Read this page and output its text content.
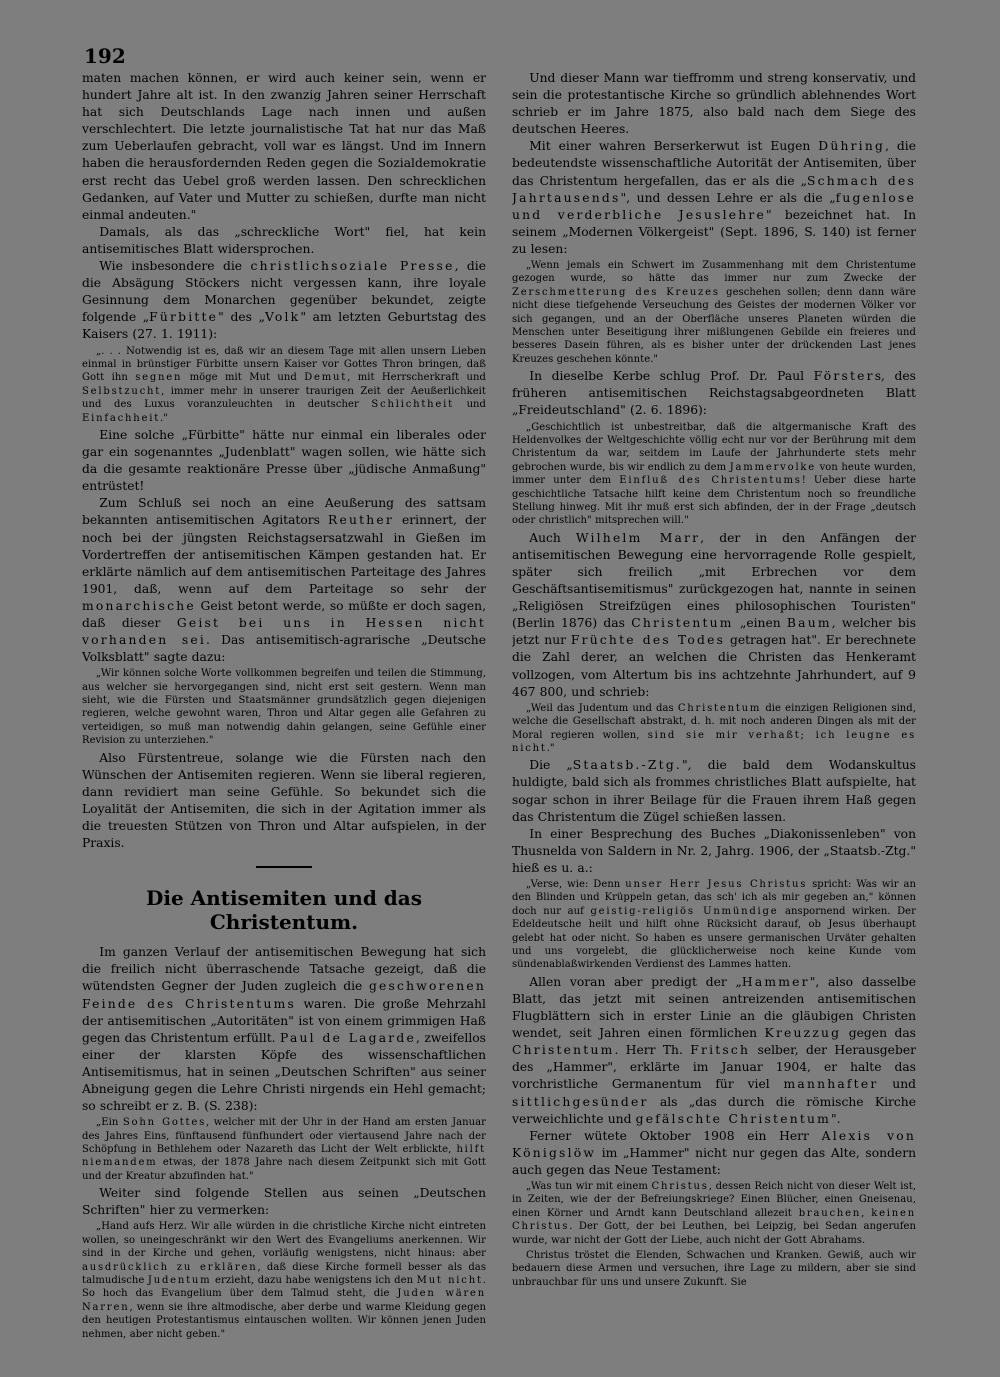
192

maten machen können, er wird auch keiner sein, wenn er hundert Jahre alt ist. In den zwanzig Jahren seiner Herrschaft hat sich Deutschlands Lage nach innen und außen verschlechtert. Die letzte journalistische Tat hat nur das Maß zum Ueberlaufen gebracht, voll war es längst. Und im Innern haben die herausfordernden Reden gegen die Sozialdemokratie erst recht das Uebel groß werden lassen. Den schrecklichen Gedanken, auf Vater und Mutter zu schießen, durfte man nicht einmal andeuten."

Damals, als das „schreckliche Wort" fiel, hat kein antisemitisches Blatt widersprochen.

Wie insbesondere die christlichsoziale Presse, die die Absägung Stöckers nicht vergessen kann, ihre loyale Gesinnung dem Monarchen gegenüber bekundet, zeigte folgende „Fürbitte" des „Volk" am letzten Geburtstag des Kaisers (27. 1. 1911):

„. . . Notwendig ist es, daß wir an diesem Tage mit allen unsern Lieben einmal in brünstiger Fürbitte unsern Kaiser vor Gottes Thron bringen, daß Gott ihn segnen möge mit Mut und Demut, mit Herrscherkraft und Selbstzucht, immer mehr in unserer traurigen Zeit der Aeußerlichkeit und des Luxus voranzuleuchten in deutscher Schlichtheit und Einfachheit."

Eine solche „Fürbitte" hätte nur einmal ein liberales oder gar ein sogenanntes „Judenblatt" wagen sollen, wie hätte sich da die gesamte reaktionäre Presse über „jüdische Anmaßung" entrüstet!

Zum Schluß sei noch an eine Aeußerung des sattsam bekannten antisemitischen Agitators Reuther erinnert, der noch bei der jüngsten Reichstagsersatzwahl in Gießen im Vordertreffen der antisemitischen Kämpen gestanden hat. Er erklärte nämlich auf dem antisemitischen Parteitage des Jahres 1901, daß, wenn auf dem Parteitage so sehr der monarchische Geist betont werde, so müßte er doch sagen, daß dieser Geist bei uns in Hessen nicht vorhanden sei. Das antisemitisch-agrarische „Deutsche Volksblatt" sagte dazu:

„Wir können solche Worte vollkommen begreifen und teilen die Stimmung, aus welcher sie hervorgegangen sind, nicht erst seit gestern. Wenn man sieht, wie die Fürsten und Staatsmänner grundsätzlich gegen diejenigen regieren, welche gewohnt waren, Thron und Altar gegen alle Gefahren zu verteidigen, so muß man notwendig dahin gelangen, seine Gefühle einer Revision zu unterziehen."

Also Fürstentreue, solange wie die Fürsten nach den Wünschen der Antisemiten regieren. Wenn sie liberal regieren, dann revidiert man seine Gefühle. So bekundet sich die Loyalität der Antisemiten, die sich in der Agitation immer als die treuesten Stützen von Thron und Altar aufspielen, in der Praxis.

Die Antisemiten und das Christentum.

Im ganzen Verlauf der antisemitischen Bewegung hat sich die freilich nicht überraschende Tatsache gezeigt, daß die wütendsten Gegner der Juden zugleich die geschworenen Feinde des Christentums waren. Die große Mehrzahl der antisemitischen „Autoritäten" ist von einem grimmigen Haß gegen das Christentum erfüllt. Paul de Lagarde, zweifellos einer der klarsten Köpfe des wissenschaftlichen Antisemitismus, hat in seinen „Deutschen Schriften" aus seiner Abneigung gegen die Lehre Christi nirgends ein Hehl gemacht; so schreibt er z. B. (S. 238):

„Ein Sohn Gottes, welcher mit der Uhr in der Hand am ersten Januar des Jahres Eins, fünftausend fünfhundert oder viertausend Jahre nach der Schöpfung in Bethlehem oder Nazareth das Licht der Welt erblickte, hilft niemandem etwas, der 1878 Jahre nach diesem Zeitpunkt sich mit Gott und der Kreatur abzufinden hat."

Weiter sind folgende Stellen aus seinen „Deutschen Schriften" hier zu vermerken:

„Hand aufs Herz. Wir alle würden in die christliche Kirche nicht eintreten wollen, so uneingeschränkt wir den Wert des Evangeliums anerkennen. Wir sind in der Kirche und gehen, vorläufig wenigstens, nicht hinaus: aber ausdrücklich zu erklären, daß diese Kirche formell besser als das talmudische Judentum erzieht, dazu habe wenigstens ich den Mut nicht. So hoch das Evangelium über dem Talmud steht, die Juden wären Narren, wenn sie ihre altmodische, aber derbe und warme Kleidung gegen den heutigen Protestantismus eintauschen wollten. Wir können jenen Juden nehmen, aber nicht geben."

Und dieser Mann war tieffromm und streng konservativ, und sein die protestantische Kirche so gründlich ablehnendes Wort schrieb er im Jahre 1875, also bald nach dem Siege des deutschen Heeres.

Mit einer wahren Berserkerwut ist Eugen Dühring, die bedeutendste wissenschaftliche Autorität der Antisemiten, über das Christentum hergefallen, das er als die „Schmach des Jahrtausends", und dessen Lehre er als die „fugenlose und verderbliche Jesuslehre" bezeichnet hat. In seinem „Modernen Völkergeist" (Sept. 1896, S. 140) ist ferner zu lesen:

„Wenn jemals ein Schwert im Zusammenhang mit dem Christentume gezogen wurde, so hätte das immer nur zum Zwecke der Zerschmetterung des Kreuzes geschehen sollen; denn dann wäre nicht diese tiefgehende Verseuchung des Geistes der modernen Völker vor sich gegangen, und an der Oberfläche unseres Planeten würden die Menschen unter Beseitigung ihrer mißlungenen Gebilde ein freieres und besseres Dasein führen, als es bisher unter der drückenden Last jenes Kreuzes geschehen könnte."

In dieselbe Kerbe schlug Prof. Dr. Paul Försters, des früheren antisemitischen Reichstagsabgeordneten Blatt „Freideutschland" (2. 6. 1896):

„Geschichtlich ist unbestreitbar, daß die altgermanische Kraft des Heldenvolkes der Weltgeschichte völlig echt nur vor der Berührung mit dem Christentum da war, seitdem im Laufe der Jahrhunderte stets mehr gebrochen wurde, bis wir endlich zu dem Jammervolke von heute wurden, immer unter dem Einfluß des Christentums! Ueber diese harte geschichtliche Tatsache hilft keine dem Christentum noch so freundliche Stellung hinweg. Mit ihr muß erst sich abfinden, der in der Frage „deutsch oder christlich" mitsprechen will."

Auch Wilhelm Marr, der in den Anfängen der antisemitischen Bewegung eine hervorragende Rolle gespielt, später sich freilich „mit Erbrechen vor dem Geschäftsantisemitismus" zurückgezogen hat, nannte in seinen „Religiösen Streifzügen eines philosophischen Touristen" (Berlin 1876) das Christentum „einen Baum, welcher bis jetzt nur Früchte des Todes getragen hat". Er berechnete die Zahl derer, an welchen die Christen das Henkeramt vollzogen, vom Altertum bis ins achtzehnte Jahrhundert, auf 9 467 800, und schrieb:

„Weil das Judentum und das Christentum die einzigen Religionen sind, welche die Gesellschaft abstrakt, d. h. mit noch anderen Dingen als mit der Moral regieren wollen, sind sie mir verhaßt; ich leugne es nicht."

Die „Staatsb.-Ztg.", die bald dem Wodanskultus huldigte, bald sich als frommes christliches Blatt aufspielte, hat sogar schon in ihrer Beilage für die Frauen ihrem Haß gegen das Christentum die Zügel schießen lassen.

In einer Besprechung des Buches „Diakonissenleben" von Thusnelda von Saldern in Nr. 2, Jahrg. 1906, der „Staatsb.-Ztg." hieß es u. a.:

„Verse, wie: Denn unser Herr Jesus Christus spricht: Was wir an den Blinden und Krüppeln getan, das sch' ich als mir gegeben an," können doch nur auf geistig-religiös Unmündige anspornend wirken. Der Edeldeutsche heilt und hilft ohne Rücksicht darauf, ob Jesus überhaupt gelebt hat oder nicht. So haben es unsere germanischen Urväter gehalten und uns vorgelebt, die glücklicherweise noch keine Kunde vom sündenablaßwirkenden Verdienst des Lammes hatten.

Allen voran aber predigt der „Hammer", also dasselbe Blatt, das jetzt mit seinen antreizenden antisemitischen Flugblättern sich in erster Linie an die gläubigen Christen wendet, seit Jahren einen förmlichen Kreuzzug gegen das Christentum. Herr Th. Fritsch selber, der Herausgeber des „Hammer", erklärte im Januar 1904, er halte das vorchristliche Germanentum für viel mannhafter und sittlichgesünder als „das durch die römische Kirche verweichlichte und gefälschte Christentum".

Ferner wütete Oktober 1908 ein Herr Alexis von Königslöw im „Hammer" nicht nur gegen das Alte, sondern auch gegen das Neue Testament:

„Was tun wir mit einem Christus, dessen Reich nicht von dieser Welt ist, in Zeiten, wie der der Befreiungskriege? Einen Blücher, einen Gneisenau, einen Körner und Arndt kann Deutschland allezeit brauchen, keinen Christus. Der Gott, der bei Leuthen, bei Leipzig, bei Sedan angerufen wurde, war nicht der Gott der Liebe, auch nicht der Gott Abrahams.

Christus tröstet die Elenden, Schwachen und Kranken. Gewiß, auch wir bedauern diese Armen und versuchen, ihre Lage zu mildern, aber sie sind unbrauchbar für uns und unsere Zukunft. Sie
